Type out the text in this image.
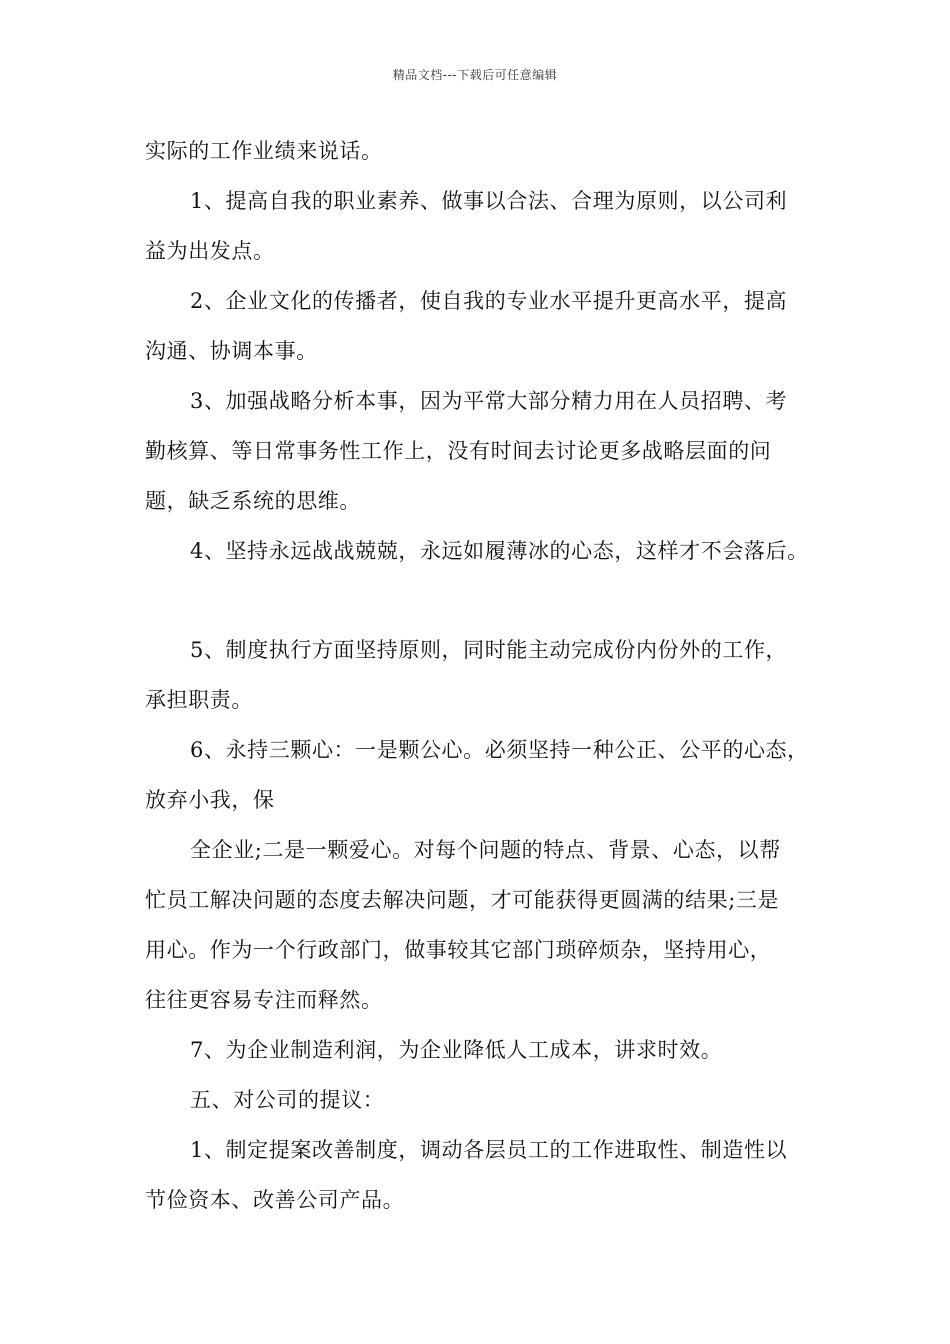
精品文档---下载后可任意编辑
实际的工作业绩来说话。
1、提高自我的职业素养、做事以合法、合理为原则，以公司利
益为出发点。
2、企业文化的传播者，使自我的专业水平提升更高水平，提高
沟通、协调本事。
3、加强战略分析本事，因为平常大部分精力用在人员招聘、考
勤核算、等日常事务性工作上，没有时间去讨论更多战略层面的问
题，缺乏系统的思维。
4、坚持永远战战兢兢，永远如履薄冰的心态，这样才不会落后。
5、制度执行方面坚持原则，同时能主动完成份内份外的工作，
承担职责。
6、永持三颗心：一是颗公心。必须坚持一种公正、公平的心态，
放弃小我，保
全企业;二是一颗爱心。对每个问题的特点、背景、心态，以帮
忙员工解决问题的态度去解决问题，才可能获得更圆满的结果;三是
用心。作为一个行政部门，做事较其它部门琐碎烦杂，坚持用心，
往往更容易专注而释然。
7、为企业制造利润，为企业降低人工成本，讲求时效。
五、对公司的提议：
1、制定提案改善制度，调动各层员工的工作进取性、制造性以
节俭资本、改善公司产品。
